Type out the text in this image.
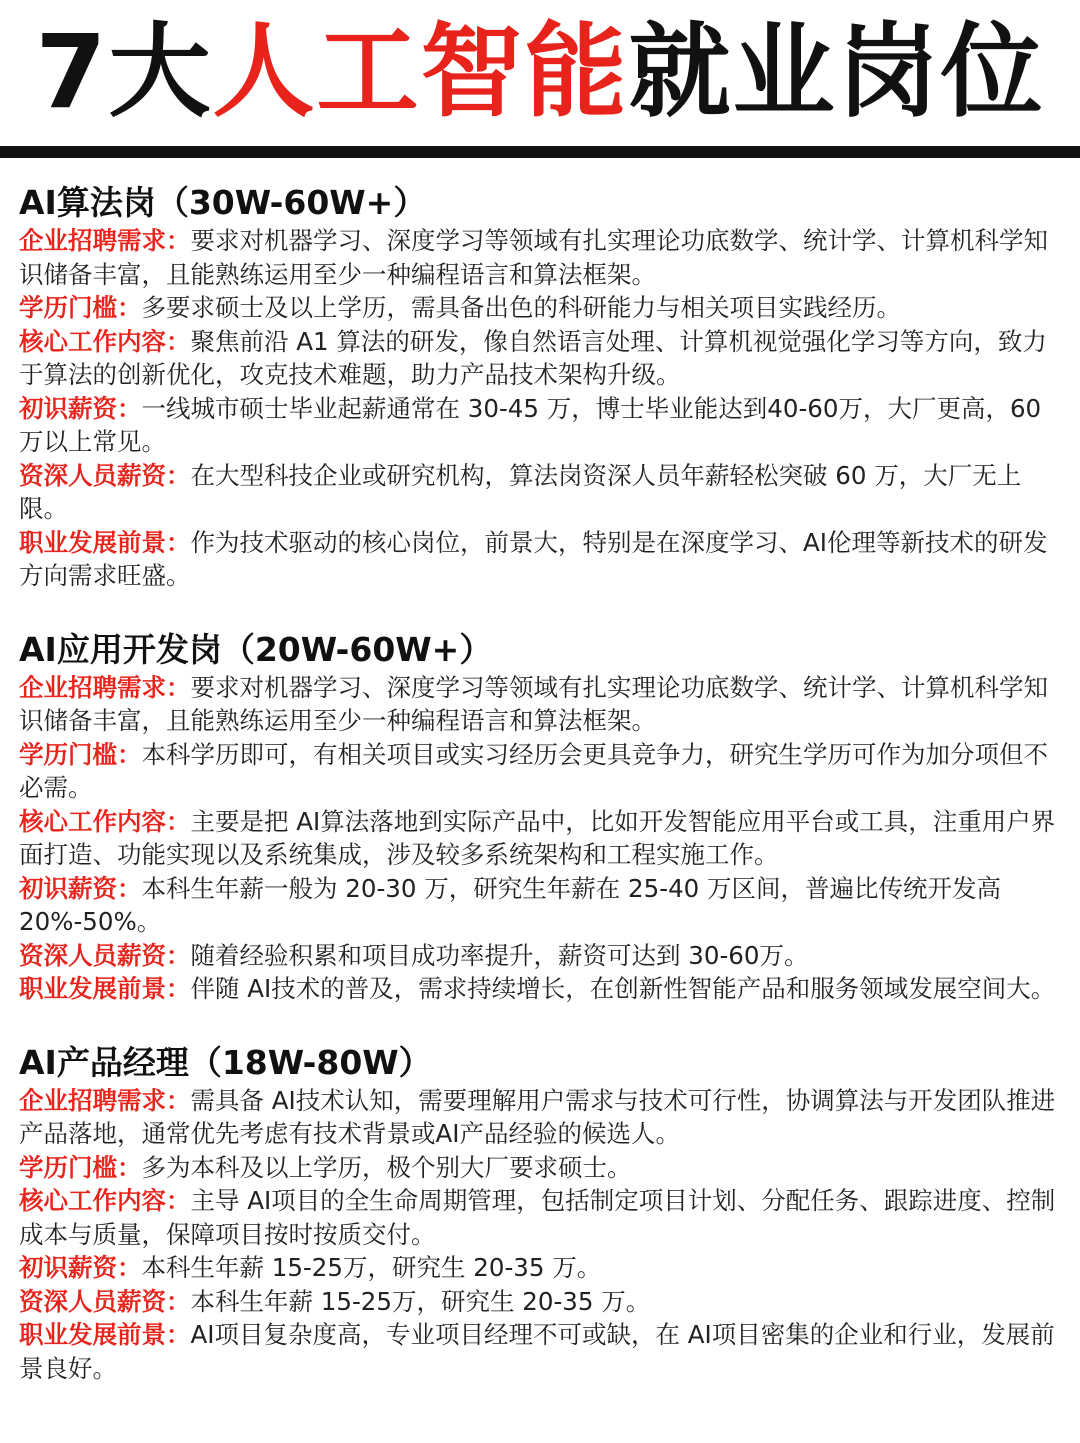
7大人工智能就业岗位
AI算法岗（30W-60W+）

企业招聘需求：要求对机器学习、深度学习等领域有扎实理论功底数学、统计学、计算机科学知识储备丰富，且能熟练运用至少一种编程语言和算法框架。

学历门槛：多要求硕士及以上学历，需具备出色的科研能力与相关项目实践经历。

核心工作内容：聚焦前沿 A1 算法的研发，像自然语言处理、计算机视觉强化学习等方向，致力于算法的创新优化，攻克技术难题，助力产品技术架构升级。

初识薪资：一线城市硕士毕业起薪通常在 30-45 万，博士毕业能达到40-60万，大厂更高，60万以上常见。

资深人员薪资：在大型科技企业或研究机构，算法岗资深人员年薪轻松突破 60 万，大厂无上限。

职业发展前景：作为技术驱动的核心岗位，前景大，特别是在深度学习、AI伦理等新技术的研发方向需求旺盛。

AI应用开发岗（20W-60W+）

企业招聘需求：要求对机器学习、深度学习等领域有扎实理论功底数学、统计学、计算机科学知识储备丰富，且能熟练运用至少一种编程语言和算法框架。

学历门槛：本科学历即可，有相关项目或实习经历会更具竞争力，研究生学历可作为加分项但不必需。

核心工作内容：主要是把 AI算法落地到实际产品中，比如开发智能应用平台或工具，注重用户界面打造、功能实现以及系统集成，涉及较多系统架构和工程实施工作。

初识薪资：本科生年薪一般为 20-30 万，研究生年薪在 25-40 万区间，普遍比传统开发高20%-50%。

资深人员薪资：随着经验积累和项目成功率提升，薪资可达到 30-60万。

职业发展前景：伴随 AI技术的普及，需求持续增长，在创新性智能产品和服务领域发展空间大。

AI产品经理（18W-80W）

企业招聘需求：需具备 AI技术认知，需要理解用户需求与技术可行性，协调算法与开发团队推进产品落地，通常优先考虑有技术背景或AI产品经验的候选人。

学历门槛：多为本科及以上学历，极个别大厂要求硕士。

核心工作内容：主导 AI项目的全生命周期管理，包括制定项目计划、分配任务、跟踪进度、控制成本与质量，保障项目按时按质交付。

初识薪资：本科生年薪 15-25万，研究生 20-35 万。

资深人员薪资：本科生年薪 15-25万，研究生 20-35 万。

职业发展前景：AI项目复杂度高，专业项目经理不可或缺，在 AI项目密集的企业和行业，发展前景良好。
